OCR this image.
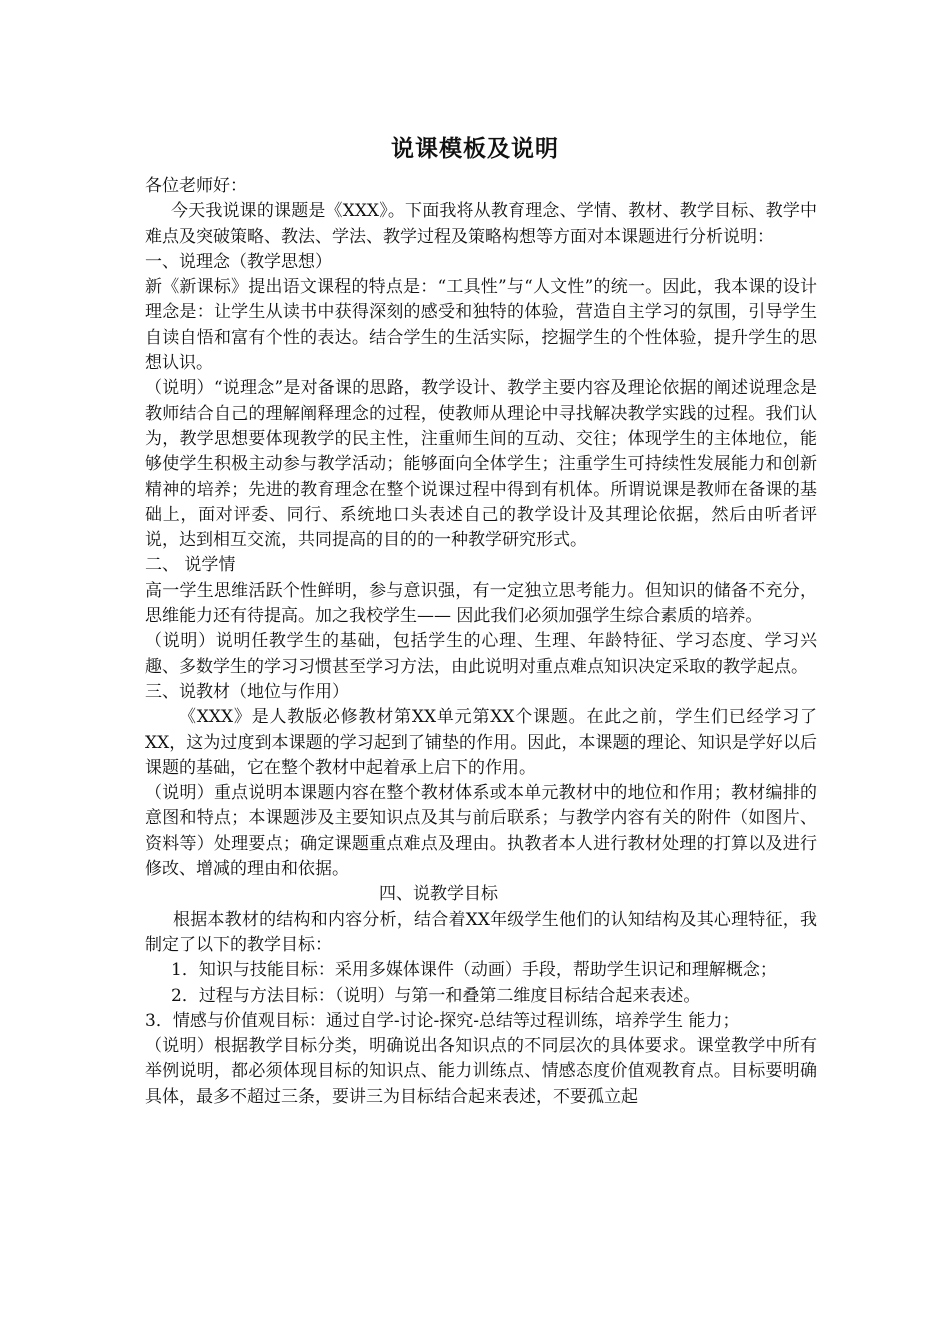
说课模板及说明

各位老师好：

今天我说课的课题是《XXX》。下面我将从教育理念、学情、教材、教学目标、教学中难点及突破策略、教法、学法、教学过程及策略构想等方面对本课题进行分析说明：

一、说理念（教学思想）

新《新课标》提出语文课程的特点是：“工具性”与“人文性”的统一。因此，我本课的设计理念是：让学生从读书中获得深刻的感受和独特的体验，营造自主学习的氛围，引导学生自读自悟和富有个性的表达。结合学生的生活实际，挖掘学生的个性体验，提升学生的思想认识。

（说明）“说理念”是对备课的思路，教学设计、教学主要内容及理论依据的阐述说理念是教师结合自己的理解阐释理念的过程，使教师从理论中寻找解决教学实践的过程。我们认为，教学思想要体现教学的民主性，注重师生间的互动、交往；体现学生的主体地位，能够使学生积极主动参与教学活动；能够面向全体学生；注重学生可持续性发展能力和创新精神的培养；先进的教育理念在整个说课过程中得到有机体。所谓说课是教师在备课的基础上，面对评委、同行、系统地口头表述自己的教学设计及其理论依据，然后由听者评说，达到相互交流，共同提高的目的的一种教学研究形式。

二、 说学情

高一学生思维活跃个性鲜明，参与意识强，有一定独立思考能力。但知识的储备不充分，思维能力还有待提高。加之我校学生—— 因此我们必须加强学生综合素质的培养。

（说明）说明任教学生的基础，包括学生的心理、生理、年龄特征、学习态度、学习兴趣、多数学生的学习习惯甚至学习方法，由此说明对重点难点知识决定采取的教学起点。

三、说教材（地位与作用）

《XXX》是人教版必修教材第XX单元第XX个课题。在此之前，学生们已经学习了XX，这为过度到本课题的学习起到了铺垫的作用。因此，本课题的理论、知识是学好以后课题的基础，它在整个教材中起着承上启下的作用。

（说明）重点说明本课题内容在整个教材体系或本单元教材中的地位和作用；教材编排的意图和特点；本课题涉及主要知识点及其与前后联系；与教学内容有关的附件（如图片、资料等）处理要点；确定课题重点难点及理由。执教者本人进行教材处理的打算以及进行修改、增减的理由和依据。

四、说教学目标

根据本教材的结构和内容分析，结合着XX年级学生他们的认知结构及其心理特征，我制定了以下的教学目标：

1．知识与技能目标：采用多媒体课件（动画）手段，帮助学生识记和理解概念；

2．过程与方法目标：（说明）与第一和叠第二维度目标结合起来表述。

3．情感与价值观目标：通过自学-讨论-探究-总结等过程训练，培养学生 能力；

（说明）根据教学目标分类，明确说出各知识点的不同层次的具体要求。课堂教学中所有举例说明，都必须体现目标的知识点、能力训练点、情感态度价值观教育点。目标要明确具体，最多不超过三条，要讲三为目标结合起来表述，不要孤立起
